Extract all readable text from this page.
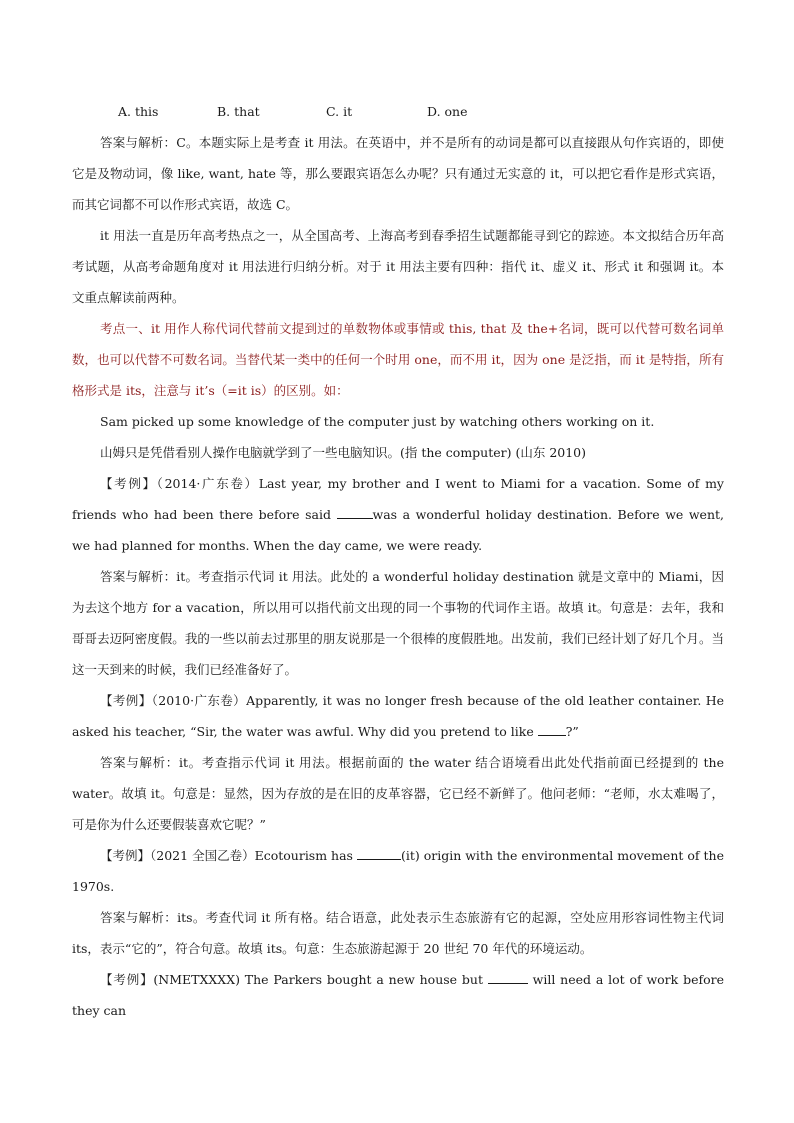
A. this	B. that	C. it	D. one

答案与解析：C。本题实际上是考查 it 用法。在英语中，并不是所有的动词是都可以直接跟从句作宾语的，即使它是及物动词，像 like, want, hate 等，那么要跟宾语怎么办呢？只有通过无实意的 it，可以把它看作是形式宾语，而其它词都不可以作形式宾语，故选 C。

it 用法一直是历年高考热点之一，从全国高考、上海高考到春季招生试题都能寻到它的踪迹。本文拟结合历年高考试题，从高考命题角度对 it 用法进行归纳分析。对于 it 用法主要有四种：指代 it、虚义 it、形式 it 和强调 it。本文重点解读前两种。

考点一、it 用作人称代词代替前文提到过的单数物体或事情或 this, that 及 the+名词，既可以代替可数名词单数，也可以代替不可数名词。当替代某一类中的任何一个时用 one，而不用 it，因为 one 是泛指，而 it 是特指，所有格形式是 its，注意与 it’s（=it is）的区别。如：

Sam picked up some knowledge of the computer just by watching others working on it.

山姆只是凭借看别人操作电脑就学到了一些电脑知识。(指 the computer) (山东 2010)

【考例】（2014·广东卷）Last year, my brother and I went to Miami for a vacation. Some of my friends who had been there before said	was a wonderful holiday destination. Before we went, we had planned for months. When the day came, we were ready.

答案与解析：it。考查指示代词 it 用法。此处的 a wonderful holiday destination 就是文章中的 Miami，因为去这个地方 for a vacation，所以用可以指代前文出现的同一个事物的代词作主语。故填 it。句意是：去年，我和哥哥去迈阿密度假。我的一些以前去过那里的朋友说那是一个很棒的度假胜地。出发前，我们已经计划了好几个月。当这一天到来的时候，我们已经准备好了。

【考例】（2010·广东卷）Apparently, it was no longer fresh because of the old leather container. He asked his teacher, “Sir, the water was awful. Why did you pretend to like ?”

答案与解析：it。考查指示代词 it 用法。根据前面的 the water 结合语境看出此处代指前面已经提到的 the water。故填 it。句意是：显然，因为存放的是在旧的皮革容器，它已经不新鲜了。他问老师：“老师，水太难喝了，可是你为什么还要假装喜欢它呢？”

【考例】（2021 全国乙卷）Ecotourism has	(it) origin with the environmental movement of the 1970s.

答案与解析：its。考查代词 it 所有格。结合语意，此处表示生态旅游有它的起源，空处应用形容词性物主代词 its，表示“它的”，符合句意。故填 its。句意：生态旅游起源于 20 世纪 70 年代的环境运动。

【考例】(NMETXXXX) The Parkers bought a new house but	will need a lot of work before they can
